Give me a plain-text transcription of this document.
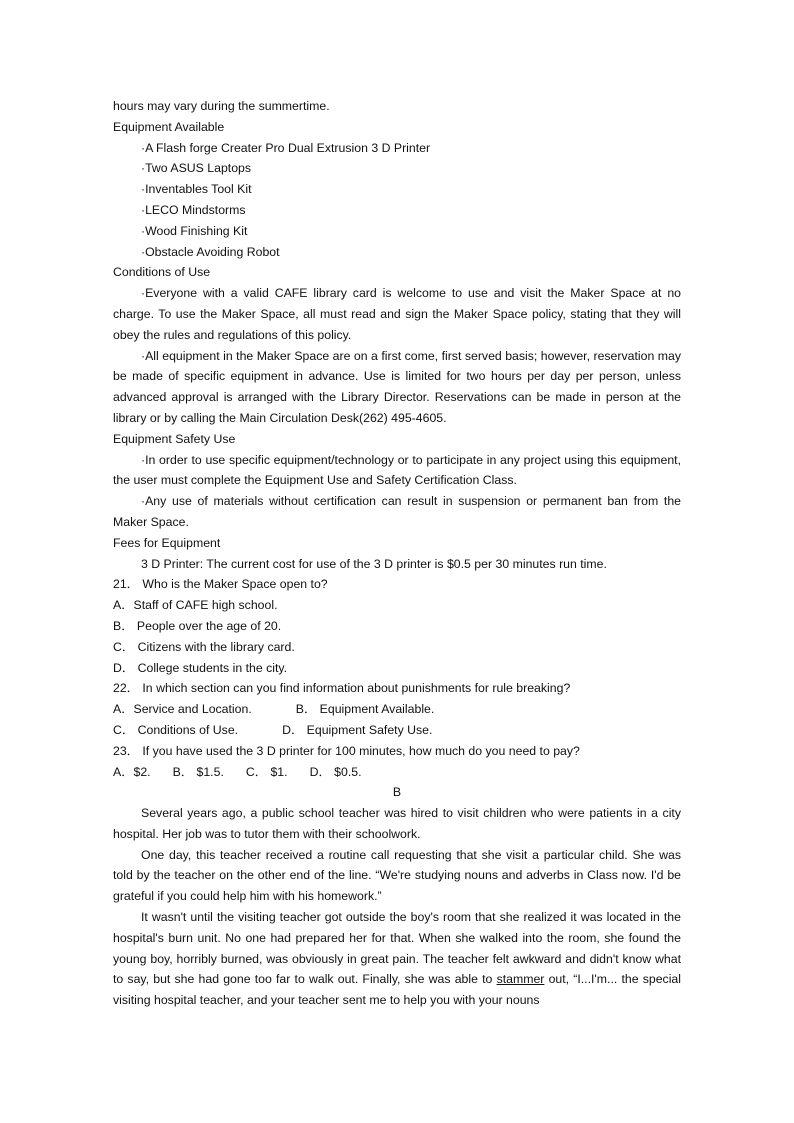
hours may vary during the summertime.
Equipment Available
·A Flash forge Creater Pro Dual Extrusion 3 D Printer
·Two ASUS Laptops
·Inventables Tool Kit
·LECO Mindstorms
·Wood Finishing Kit
·Obstacle Avoiding Robot
Conditions of Use

·Everyone with a valid CAFE library card is welcome to use and visit the Maker Space at no charge. To use the Maker Space, all must read and sign the Maker Space policy, stating that they will obey the rules and regulations of this policy.

·All equipment in the Maker Space are on a first come, first served basis; however, reservation may be made of specific equipment in advance. Use is limited for two hours per day per person, unless advanced approval is arranged with the Library Director. Reservations can be made in person at the library or by calling the Main Circulation Desk(262) 495-4605.

Equipment Safety Use

·In order to use specific equipment/technology or to participate in any project using this equipment, the user must complete the Equipment Use and Safety Certification Class.

·Any use of materials without certification can result in suspension or permanent ban from the Maker Space.

Fees for Equipment
3 D Printer: The current cost for use of the 3 D printer is $0.5 per 30 minutes run time.
21． Who is the Maker Space open to?
A．Staff of CAFE high school.
B． People over the age of 20.
C． Citizens with the library card.
D． College students in the city.
22． In which section can you find information about punishments for rule breaking?
A．Service and Location.	B． Equipment Available.
C． Conditions of Use.	D． Equipment Safety Use.
23． If you have used the 3 D printer for 100 minutes, how much do you need to pay?
A．$2. B． $1.5. C． $1. D． $0.5.
B

Several years ago, a public school teacher was hired to visit children who were patients in a city hospital. Her job was to tutor them with their schoolwork.

One day, this teacher received a routine call requesting that she visit a particular child. She was told by the teacher on the other end of the line. “We're studying nouns and adverbs in Class now. I'd be grateful if you could help him with his homework.”

It wasn't until the visiting teacher got outside the boy's room that she realized it was located in the hospital's burn unit. No one had prepared her for that. When she walked into the room, she found the young boy, horribly burned, was obviously in great pain. The teacher felt awkward and didn't know what to say, but she had gone too far to walk out. Finally, she was able to stammer out, “I...I'm... the special visiting hospital teacher, and your teacher sent me to help you with your nouns
